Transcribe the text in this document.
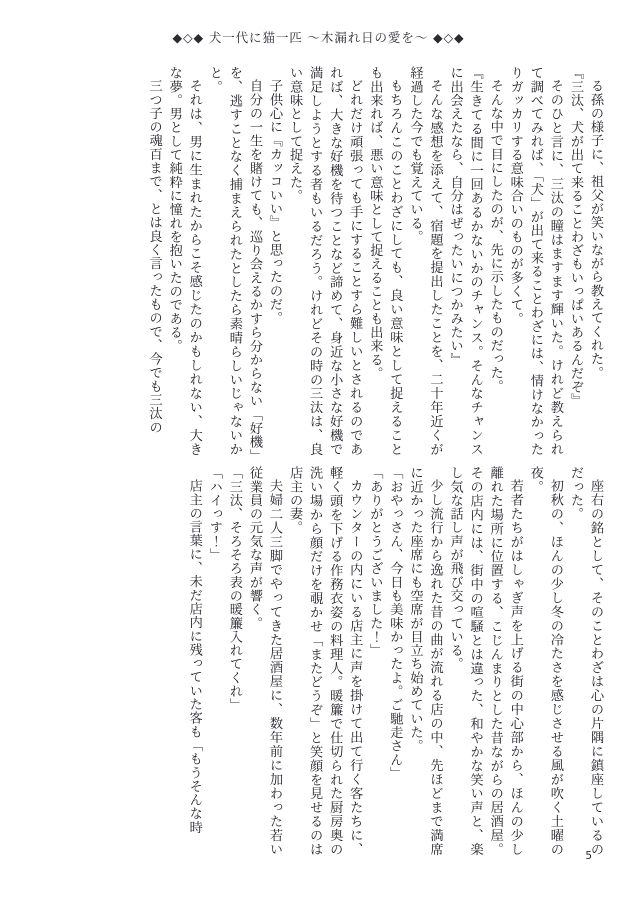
◆◇◆ 犬一代に猫一匹 〜木漏れ日の愛を〜 ◆◇◆

る孫の様子に、祖父が笑いながら教えてくれた。

『三汰、犬が出て来ることわざもいっぱいあるんだぞ』

そのひと言に、三汰の瞳はますます輝いた。けれど教えられて調べてみれば、「犬」が出て来ることわざには、情けなかったりガッカリする意味合いのものが多くて。

そんな中で目にしたのが、先に示したものだった。

『生きてる間に一回あるかないかのチャンス。そんなチャンスに出会えたなら、自分はぜったいにつかみたい』

そんな感想を添えて、宿題を提出したことを、二十年近くが経過した今でも覚えている。

もちろんこのことわざにしても、良い意味として捉えることも出来れば、悪い意味として捉えることも出来る。

どれだけ頑張っても手にすることすら難しいとされるのであれば、大きな好機を待つことなど諦めて、身近な小さな好機で満足しようとする者もいるだろう。けれどその時の三汰は、良い意味として捉えた。

子供心に『カッコいい』と思ったのだ。

自分の一生を賭けても、巡り会えるかすら分からない「好機」を、逃すことなく捕まえられたとしたら素晴らしいじゃないかと。

それは、男に生まれたからこそ感じたのかもしれない、大きな夢。男として純粋に憧れを抱いたのである。

三つ子の魂百まで、とは良く言ったもので、今でも三汰の

座右の銘として、そのことわざは心の片隅に鎮座しているのだった。

初秋の、ほんの少し冬の冷たさを感じさせる風が吹く土曜の夜。

若者たちがはしゃぎ声を上げる街の中心部から、ほんの少し離れた場所に位置する、こじんまりとした昔ながらの居酒屋。その店内には、街中の喧騒とは違った、和やかな笑い声と、楽し気な話し声が飛び交っている。

少し流行から逸れた昔の曲が流れる店の中、先ほどまで満席に近かった座席にも空席が目立ち始めていた。

「おやっさん、今日も美味かったよ。ご馳走さん」

「ありがとうございました！」

カウンターの内にいる店主に声を掛けて出て行く客たちに、軽く頭を下げる作務衣姿の料理人。暖簾で仕切られた厨房奥の洗い場から顔だけを覗かせ「またどうぞ」と笑顔を見せるのは店主の妻。

夫婦二人三脚でやってきた居酒屋に、数年前に加わった若い従業員の元気な声が響く。

「三汰、そろそろ表の暖簾入れてくれ」

「ハイっす！」

店主の言葉に、未だ店内に残っていた客も「もうそんな時

5
